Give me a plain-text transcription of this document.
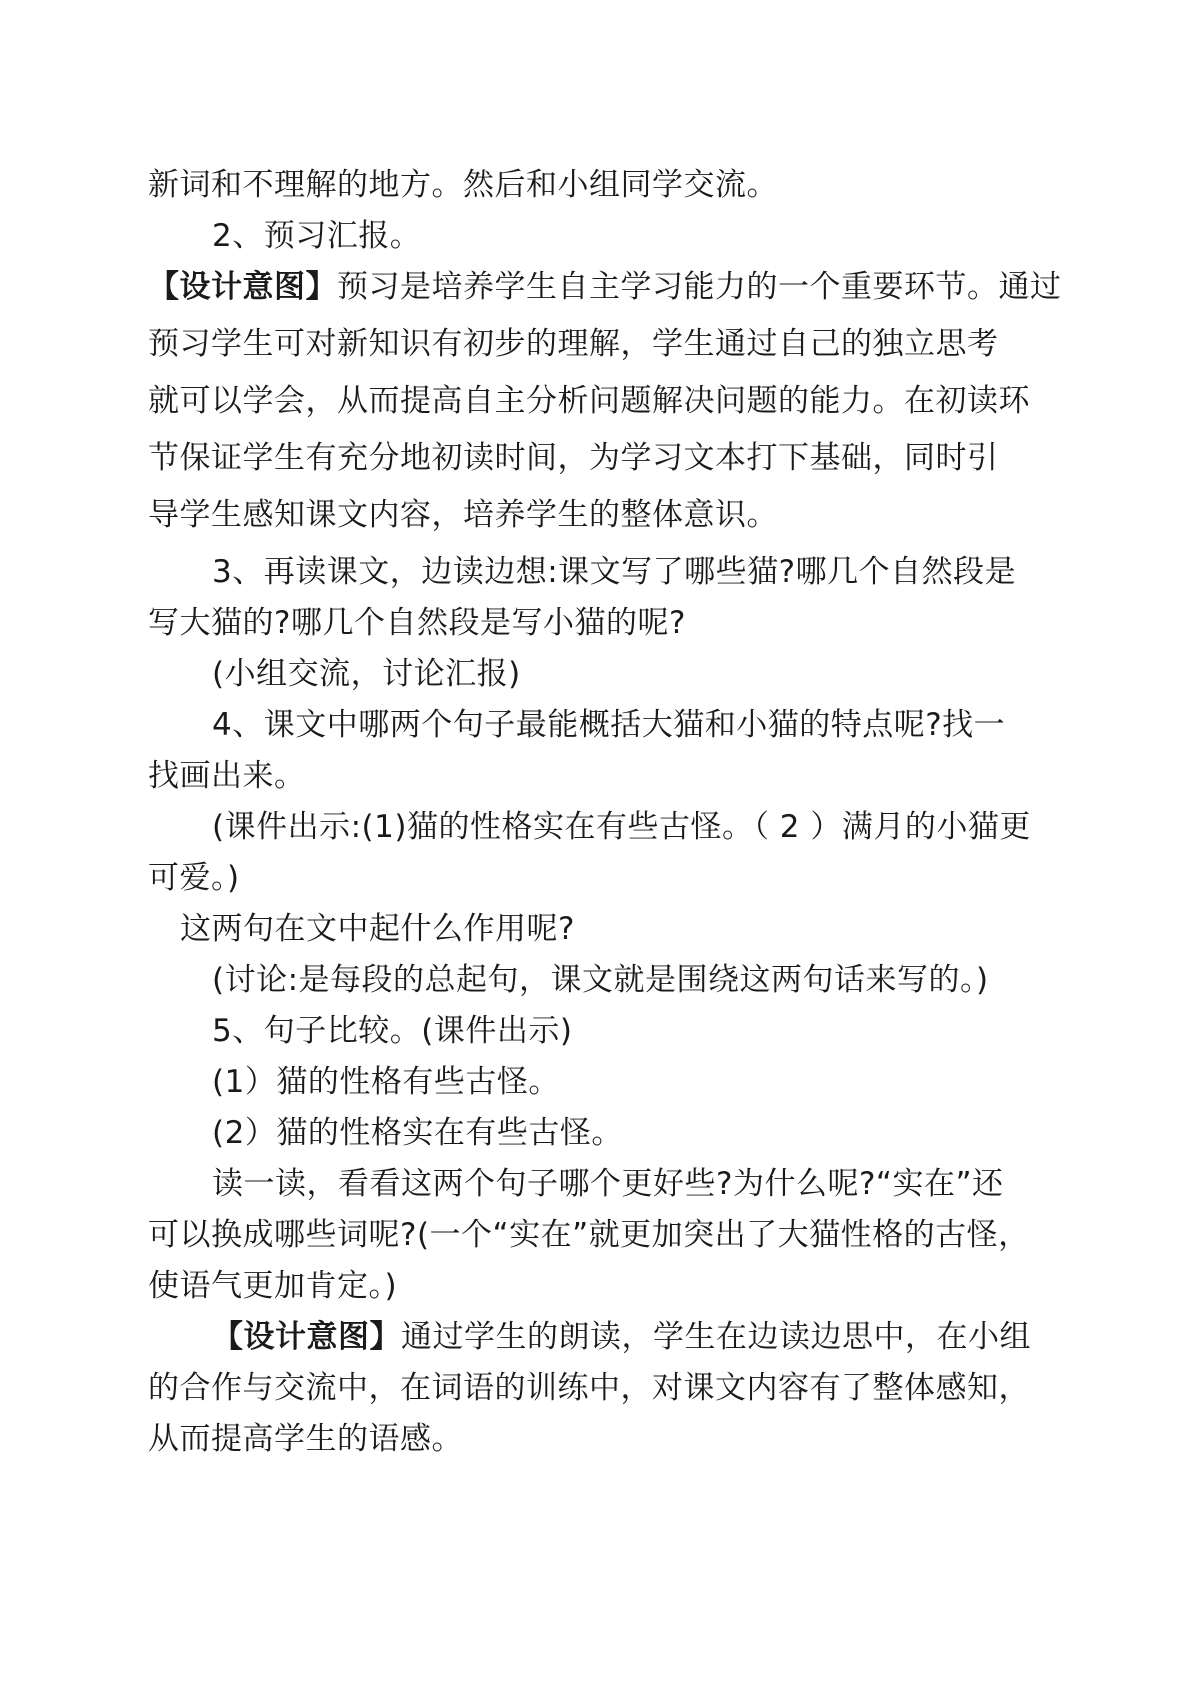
新词和不理解的地方。然后和小组同学交流。
2、预习汇报。
【设计意图】预习是培养学生自主学习能力的一个重要环节。通过
预习学生可对新知识有初步的理解，学生通过自己的独立思考
就可以学会，从而提高自主分析问题解决问题的能力。在初读环
节保证学生有充分地初读时间，为学习文本打下基础，同时引
导学生感知课文内容，培养学生的整体意识。
3、再读课文，边读边想:课文写了哪些猫?哪几个自然段是
写大猫的?哪几个自然段是写小猫的呢?
(小组交流，讨论汇报)
4、课文中哪两个句子最能概括大猫和小猫的特点呢?找一
找画出来。
(课件出示:(1)猫的性格实在有些古怪。（ 2 ）满月的小猫更
可爱。)
这两句在文中起什么作用呢?
(讨论:是每段的总起句，课文就是围绕这两句话来写的。)
5、句子比较。(课件出示)
(1）猫的性格有些古怪。
(2）猫的性格实在有些古怪。
读一读，看看这两个句子哪个更好些?为什么呢?“实在”还
可以换成哪些词呢?(一个“实在”就更加突出了大猫性格的古怪，
使语气更加肯定。)
【设计意图】通过学生的朗读，学生在边读边思中，在小组
的合作与交流中，在词语的训练中，对课文内容有了整体感知，
从而提高学生的语感。
